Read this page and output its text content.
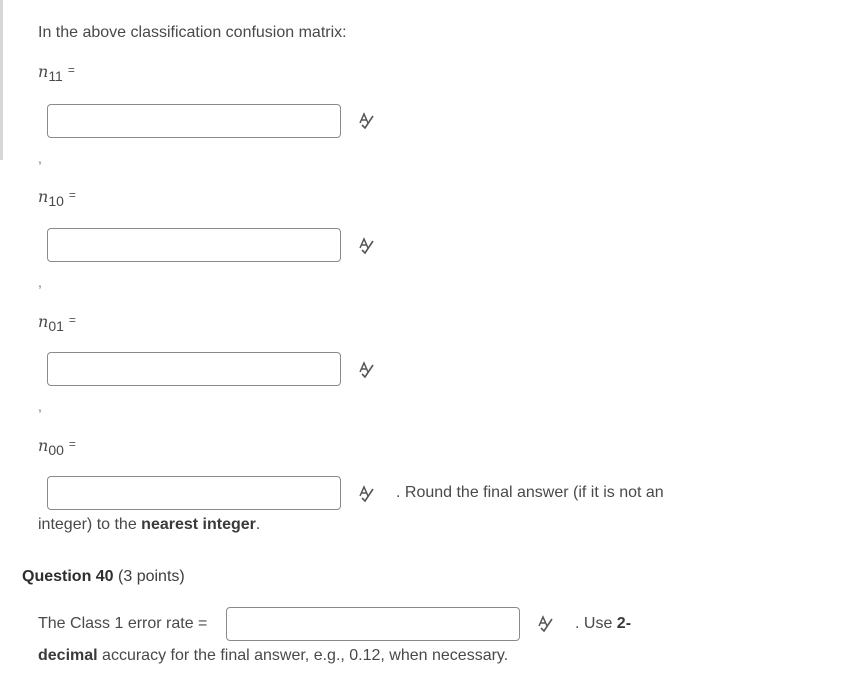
In the above classification confusion matrix:
$n_{11}$ =
,
$n_{10}$ =
,
$n_{01}$ =
,
$n_{00}$ =
. Round the final answer (if it is not an
integer) to the nearest integer.
Question 40 (3 points)
The Class 1 error rate =	. Use 2-
decimal accuracy for the final answer, e.g., 0.12, when necessary.
